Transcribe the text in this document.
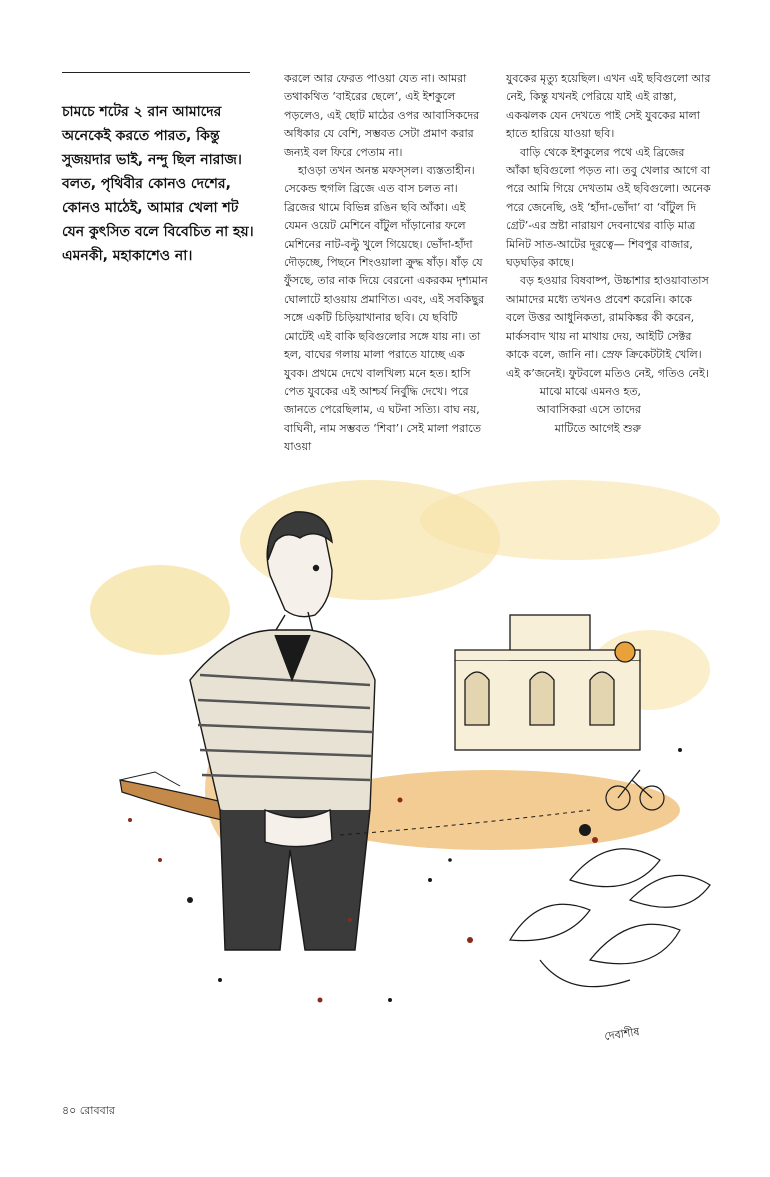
চামচে শটের ২ রান আমাদের অনেকেই করতে পারত, কিন্তু সুজয়দার ভাই, নন্দু ছিল নারাজ। বলত, পৃথিবীর কোনও দেশের, কোনও মাঠেই, আমার খেলা শট যেন কুৎসিত বলে বিবেচিত না হয়। এমনকী, মহাকাশেও না।

করলে আর ফেরত পাওয়া যেত না। আমরা তথাকথিত ‘বাইরের ছেলে’, এই ইশকুলে পড়লেও, এই ছোট মাঠের ওপর আবাসিকদের অধিকার যে বেশি, সম্ভবত সেটা প্রমাণ করার জন্যই বল ফিরে পেতাম না।

হাওড়া তখন অনন্ত মফস্সল। ব্যস্ততাহীন। সেকেন্ড হুগলি ব্রিজে এত বাস চলত না। ব্রিজের থামে বিভিন্ন রঙিন ছবি আঁকা। এই যেমন ওয়েট মেশিনে বাঁটুল দাঁড়ানোর ফলে মেশিনের নাট-বল্টু খুলে গিয়েছে। ভোঁদা-হাঁদা দৌড়চ্ছে, পিছনে শিংওয়ালা ক্রুদ্ধ ষাঁড়। ষাঁড় যে ফুঁসছে, তার নাক দিয়ে বেরনো একরকম দৃশ্যমান ঘোলাটে হাওয়ায় প্রমাণিত। এবং, এই সবকিছুর সঙ্গে একটি চিড়িয়াখানার ছবি। যে ছবিটি মোটেই এই বাকি ছবিগুলোর সঙ্গে যায় না। তা হল, বাঘের গলায় মালা পরাতে যাচ্ছে এক যুবক। প্রথমে দেখে বালখিল্য মনে হত। হাসি পেত যুবকের এই আশ্চর্য নির্বুদ্ধি দেখে। পরে জানতে পেরেছিলাম, এ ঘটনা সত্যি। বাঘ নয়, বাঘিনী, নাম সম্ভবত ‘শিবা’। সেই মালা পরাতে যাওয়া

যুবকের মৃত্যু হয়েছিল। এখন এই ছবিগুলো আর নেই, কিন্তু যখনই পেরিয়ে যাই এই রাস্তা, একঝলক যেন দেখতে পাই সেই যুবকের মালা হাতে হারিয়ে যাওয়া ছবি।

বাড়ি থেকে ইশকুলের পথে এই ব্রিজের আঁকা ছবিগুলো পড়ত না। তবু খেলার আগে বা পরে আমি গিয়ে দেখতাম ওই ছবিগুলো। অনেক পরে জেনেছি, ওই ‘হাঁদা-ভোঁদা’ বা ‘বাঁটুল দি গ্রেট’-এর স্রষ্টা নারায়ণ দেবনাথের বাড়ি মাত্র মিনিট সাত-আটের দূরত্বে— শিবপুর বাজার, ঘড়ঘড়ির কাছে।

বড় হওয়ার বিষবাষ্প, উচ্চাশার হাওয়াবাতাস আমাদের মধ্যে তখনও প্রবেশ করেনি। কাকে বলে উত্তর আধুনিকতা, রামকিঙ্কর কী করেন, মার্কসবাদ খায় না মাথায় দেয়, আইটি সেক্টর কাকে বলে, জানি না। স্রেফ ক্রিকেটটাই খেলি। এই ক’জনেই। ফুটবলে মতিও নেই, গতিও নেই।

মাঝে মাঝে এমনও হত, আবাসিকরা এসে তাদের মাটিতে আগেই শুরু

দেবাশীষ
৪০ রোববার
